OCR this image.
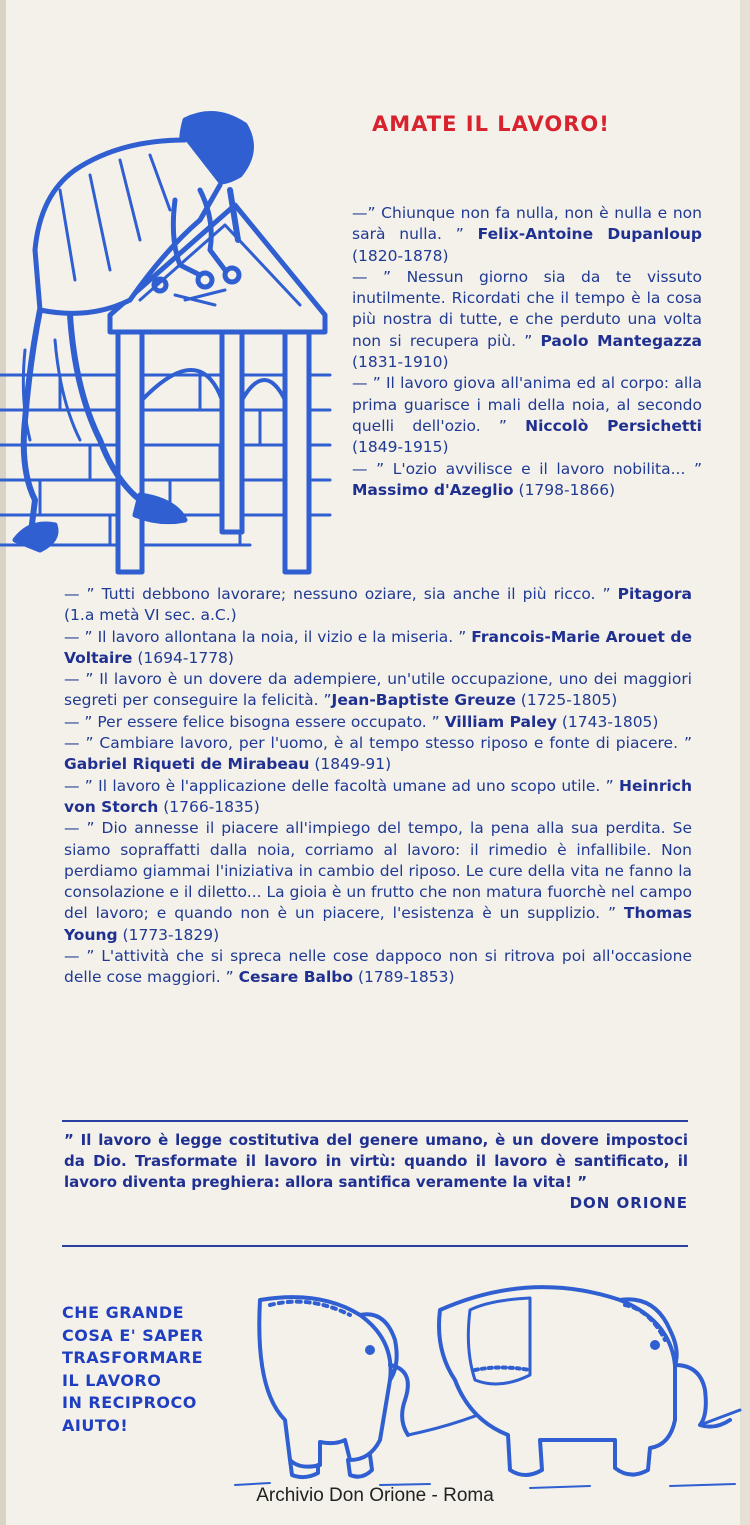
AMATE IL LAVORO!

—” Chiunque non fa nulla, non è nulla e non sarà nulla. ” Felix-Antoine Dupanloup (1820-1878)

— ” Nessun giorno sia da te vissuto inutilmente. Ricordati che il tempo è la cosa più nostra di tutte, e che perduto una volta non si recupera più. ” Paolo Mantegazza (1831-1910)

— ” Il lavoro giova all'anima ed al corpo: alla prima guarisce i mali della noia, al secondo quelli dell'ozio. ” Niccolò Persichetti (1849-1915)

— ” L'ozio avvilisce e il lavoro nobilita... ” Massimo d'Azeglio (1798-1866)

— ” Tutti debbono lavorare; nessuno oziare, sia anche il più ricco. ” Pitagora (1.a metà VI sec. a.C.)

— ” Il lavoro allontana la noia, il vizio e la miseria. ” Francois-Marie Arouet de Voltaire (1694-1778)

— ” Il lavoro è un dovere da adempiere, un'utile occupazione, uno dei maggiori segreti per conseguire la felicità. ”Jean-Baptiste Greuze (1725-1805)

— ” Per essere felice bisogna essere occupato. ” Villiam Paley (1743-1805)

— ” Cambiare lavoro, per l'uomo, è al tempo stesso riposo e fonte di piacere. ” Gabriel Riqueti de Mirabeau (1849-91)

— ” Il lavoro è l'applicazione delle facoltà umane ad uno scopo utile. ” Heinrich von Storch (1766-1835)

— ” Dio annesse il piacere all'impiego del tempo, la pena alla sua perdita. Se siamo sopraffatti dalla noia, corriamo al lavoro: il rimedio è infallibile. Non perdiamo giammai l'iniziativa in cambio del riposo. Le cure della vita ne fanno la consolazione e il diletto... La gioia è un frutto che non matura fuorchè nel campo del lavoro; e quando non è un piacere, l'esistenza è un supplizio. ” Thomas Young (1773-1829)

— ” L'attività che si spreca nelle cose dappoco non si ritrova poi all'occasione delle cose maggiori. ” Cesare Balbo (1789-1853)

” Il lavoro è legge costitutiva del genere umano, è un dovere impostoci da Dio. Trasformate il lavoro in virtù: quando il lavoro è santificato, il lavoro diventa preghiera: allora santifica veramente la vita! ”
DON ORIONE
CHE GRANDE
COSA E' SAPER
TRASFORMARE
IL LAVORO
IN RECIPROCO
AIUTO!
Archivio Don Orione - Roma
